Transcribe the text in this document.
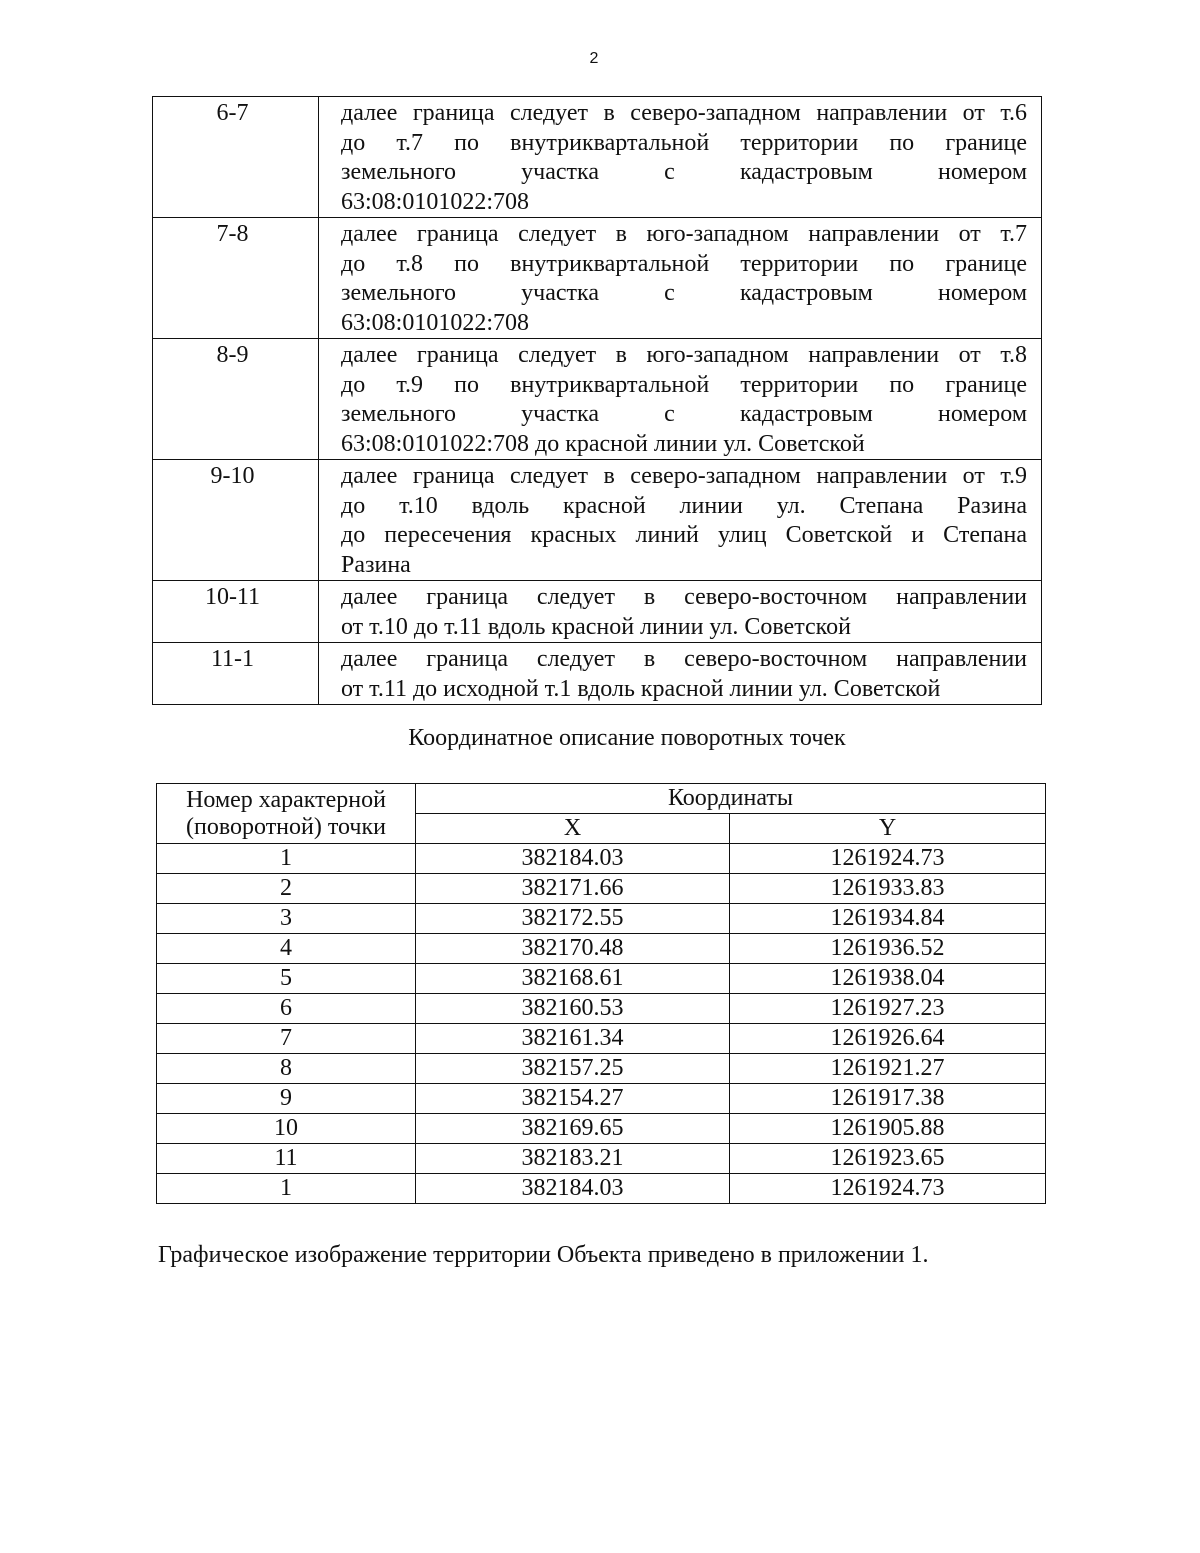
2
6-7	далее граница следует в северо-западном направлении от т.6
до т.7 по внутриквартальной территории по границе
земельного участка с кадастровым номером
63:08:0101022:708

7-8	далее граница следует в юго-западном направлении от т.7
до т.8 по внутриквартальной территории по границе
земельного участка с кадастровым номером
63:08:0101022:708

8-9	далее граница следует в юго-западном направлении от т.8
до т.9 по внутриквартальной территории по границе
земельного участка с кадастровым номером
63:08:0101022:708 до красной линии ул. Советской

9-10	далее граница следует в северо-западном направлении от т.9
до т.10 вдоль красной линии ул. Степана Разина
до пересечения красных линий улиц Советской и Степана
Разина

10-11	далее граница следует в северо-восточном направлении
от т.10 до т.11 вдоль красной линии ул. Советской

11-1	далее граница следует в северо-восточном направлении
от т.11 до исходной т.1 вдоль красной линии ул. Советской
Координатное описание поворотных точек
Номер характерной
(поворотной) точки	Координаты	
	X	Y
1	382184.03	1261924.73
2	382171.66	1261933.83
3	382172.55	1261934.84
4	382170.48	1261936.52
5	382168.61	1261938.04
6	382160.53	1261927.23
7	382161.34	1261926.64
8	382157.25	1261921.27
9	382154.27	1261917.38
10	382169.65	1261905.88
11	382183.21	1261923.65
1	382184.03	1261924.73
Графическое изображение территории Объекта приведено в приложении 1.
